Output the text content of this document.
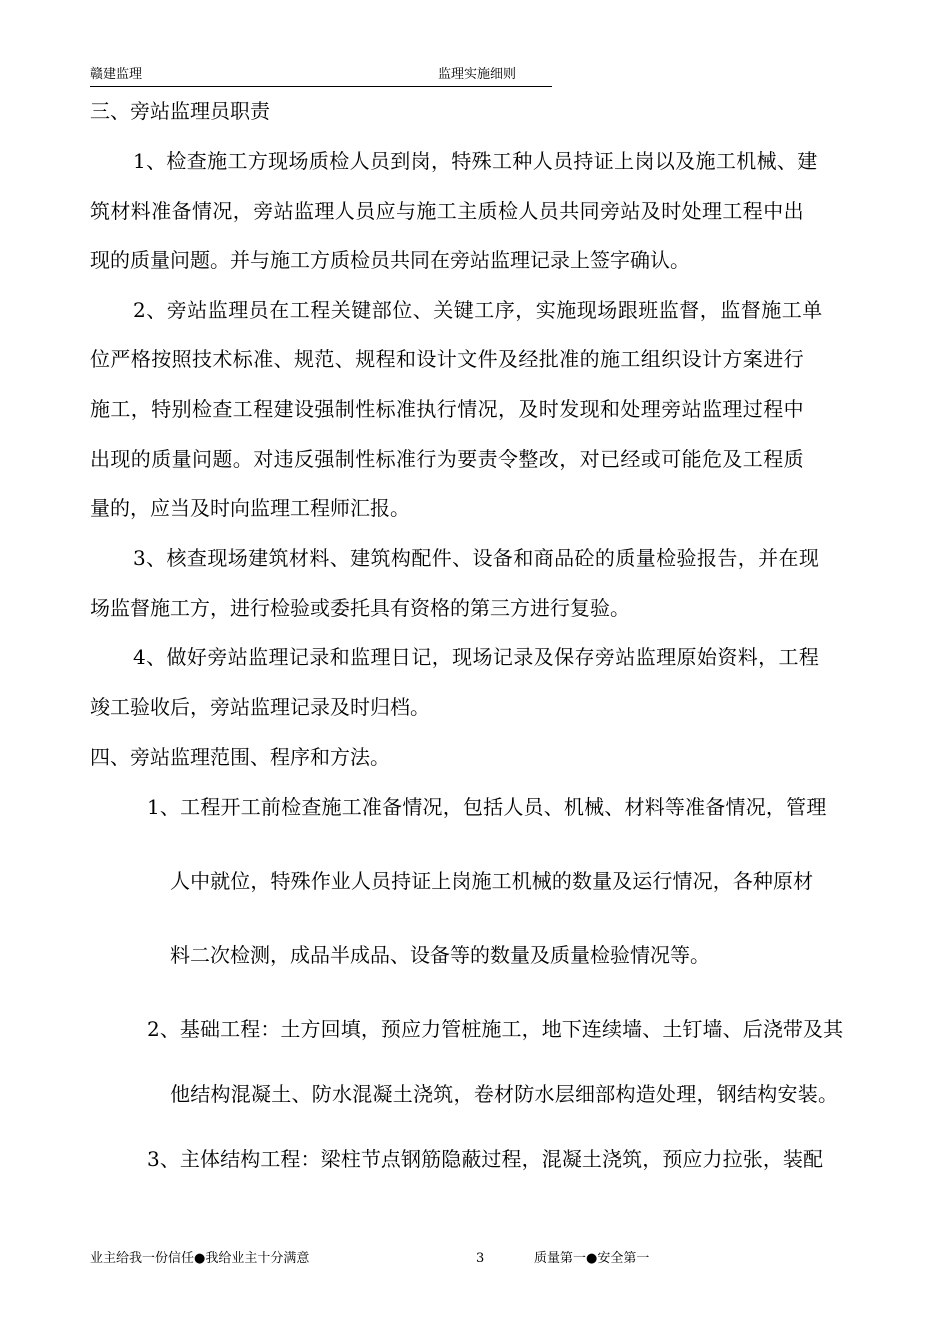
赣建监理	监理实施细则

三、旁站监理员职责

1、检查施工方现场质检人员到岗，特殊工种人员持证上岗以及施工机械、建

筑材料准备情况，旁站监理人员应与施工主质检人员共同旁站及时处理工程中出

现的质量问题。并与施工方质检员共同在旁站监理记录上签字确认。

2、旁站监理员在工程关键部位、关键工序，实施现场跟班监督，监督施工单

位严格按照技术标准、规范、规程和设计文件及经批准的施工组织设计方案进行

施工，特别检查工程建设强制性标准执行情况，及时发现和处理旁站监理过程中

出现的质量问题。对违反强制性标准行为要责令整改，对已经或可能危及工程质

量的，应当及时向监理工程师汇报。

3、核查现场建筑材料、建筑构配件、设备和商品砼的质量检验报告，并在现

场监督施工方，进行检验或委托具有资格的第三方进行复验。

4、做好旁站监理记录和监理日记，现场记录及保存旁站监理原始资料，工程

竣工验收后，旁站监理记录及时归档。

四、旁站监理范围、程序和方法。

1、工程开工前检查施工准备情况，包括人员、机械、材料等准备情况，管理

人中就位，特殊作业人员持证上岗施工机械的数量及运行情况，各种原材

料二次检测，成品半成品、设备等的数量及质量检验情况等。

2、基础工程：土方回填，预应力管桩施工，地下连续墙、土钉墙、后浇带及其

他结构混凝土、防水混凝土浇筑，卷材防水层细部构造处理，钢结构安装。

3、主体结构工程：梁柱节点钢筋隐蔽过程，混凝土浇筑，预应力拉张，装配

业主给我一份信任●我给业主十分满意	3	质量第一●安全第一
